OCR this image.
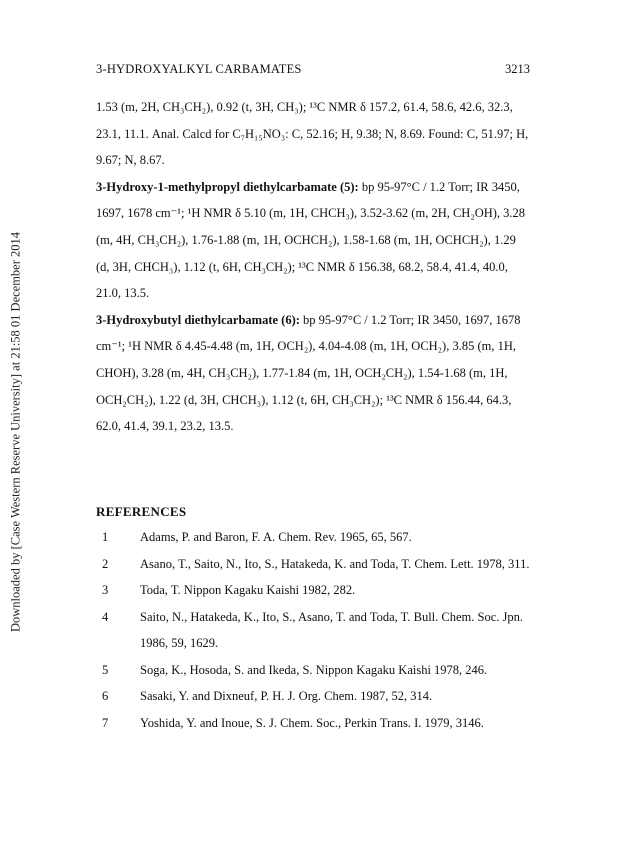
Downloaded by [Case Western Reserve University] at 21:58 01 December 2014
3-HYDROXYALKYL CARBAMATES	3213

1.53 (m, 2H, CH₃CH₂), 0.92 (t, 3H, CH₃); ¹³C NMR δ 157.2, 61.4, 58.6, 42.6, 32.3, 23.1, 11.1. Anal. Calcd for C₇H₁₅NO₃: C, 52.16; H, 9.38; N, 8.69. Found: C, 51.97; H, 9.67; N, 8.67.

3-Hydroxy-1-methylpropyl diethylcarbamate (5): bp 95-97°C / 1.2 Torr; IR 3450, 1697, 1678 cm⁻¹; ¹H NMR δ 5.10 (m, 1H, CHCH₃), 3.52-3.62 (m, 2H, CH₂OH), 3.28 (m, 4H, CH₃CH₂), 1.76-1.88 (m, 1H, OCHCH₂), 1.58-1.68 (m, 1H, OCHCH₂), 1.29 (d, 3H, CHCH₃), 1.12 (t, 6H, CH₃CH₂); ¹³C NMR δ 156.38, 68.2, 58.4, 41.4, 40.0, 21.0, 13.5.

3-Hydroxybutyl diethylcarbamate (6): bp 95-97°C / 1.2 Torr; IR 3450, 1697, 1678 cm⁻¹; ¹H NMR δ 4.45-4.48 (m, 1H, OCH₂), 4.04-4.08 (m, 1H, OCH₂), 3.85 (m, 1H, CHOH), 3.28 (m, 4H, CH₃CH₂), 1.77-1.84 (m, 1H, OCH₂CH₂), 1.54-1.68 (m, 1H, OCH₂CH₂), 1.22 (d, 3H, CHCH₃), 1.12 (t, 6H, CH₃CH₂); ¹³C NMR δ 156.44, 64.3, 62.0, 41.4, 39.1, 23.2, 13.5.

REFERENCES
1	Adams, P. and Baron, F. A. Chem. Rev. 1965, 65, 567.
2	Asano, T., Saito, N., Ito, S., Hatakeda, K. and Toda, T. Chem. Lett. 1978, 311.
3	Toda, T. Nippon Kagaku Kaishi 1982, 282.
4	Saito, N., Hatakeda, K., Ito, S., Asano, T. and Toda, T. Bull. Chem. Soc. Jpn. 1986, 59, 1629.
5	Soga, K., Hosoda, S. and Ikeda, S. Nippon Kagaku Kaishi 1978, 246.
6	Sasaki, Y. and Dixneuf, P. H. J. Org. Chem. 1987, 52, 314.
7	Yoshida, Y. and Inoue, S. J. Chem. Soc., Perkin Trans. I. 1979, 3146.
